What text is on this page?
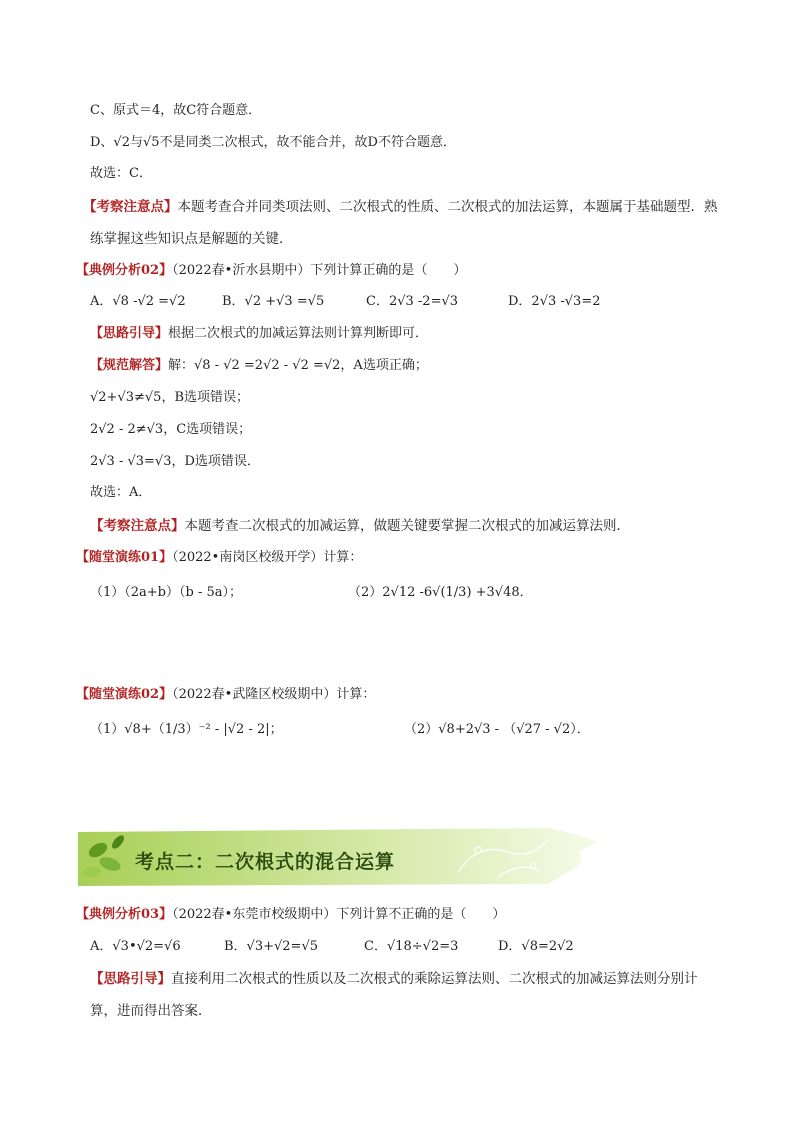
C、原式＝4，故C符合题意．
D、√2与√5不是同类二次根式，故不能合并，故D不符合题意．
故选：C．
【考察注意点】本题考查合并同类项法则、二次根式的性质、二次根式的加法运算，本题属于基础题型．熟
练掌握这些知识点是解题的关键．
【典例分析02】（2022春•沂水县期中）下列计算正确的是（　　）
A．√8 -√2 =√2	B．√2 +√3 =√5	C．2√3 -2=√3	D．2√3 -√3=2
【思路引导】根据二次根式的加减运算法则计算判断即可．
【规范解答】解：√8 - √2 =2√2 - √2 =√2，A选项正确；
√2+√3≠√5，B选项错误；
2√2 - 2≠√3，C选项错误；
2√3 - √3=√3，D选项错误．
故选：A．
【考察注意点】本题考查二次根式的加减运算，做题关键要掌握二次根式的加减运算法则．
【随堂演练01】（2022•南岗区校级开学）计算：
（1）（2a+b）（b - 5a）；	（2）2√12 -6√(1/3) +3√48．
【随堂演练02】（2022春•武隆区校级期中）计算：
（1）√8+（1/3）⁻² - |√2 - 2|；	（2）√8+2√3 - （√27 - √2）．
考点二：二次根式的混合运算
【典例分析03】（2022春•东莞市校级期中）下列计算不正确的是（　　）
A．√3•√2=√6	B．√3+√2=√5	C．√18÷√2=3	D．√8=2√2
【思路引导】直接利用二次根式的性质以及二次根式的乘除运算法则、二次根式的加减运算法则分别计
算，进而得出答案．
